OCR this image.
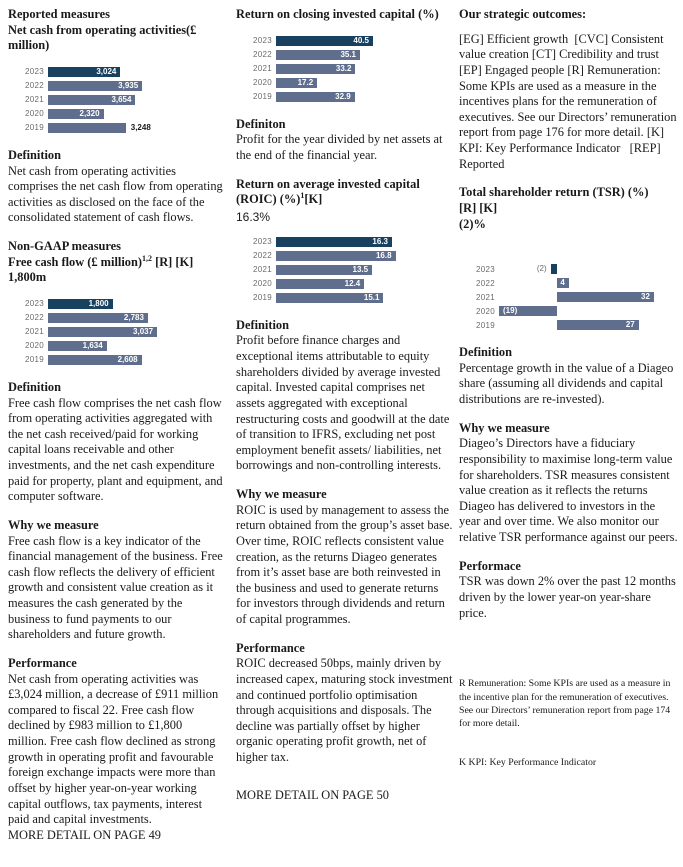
Reported measures
Net cash from operating activities(£ million)
2023	3,024
2022	3,935
2021	3,654
2020	2,320
2019	3,248
Definition

Net cash from operating activities comprises the net cash flow from operating activities as disclosed on the face of the consolidated statement of cash flows.

Non-GAAP measures
Free cash flow (£ million)$^{1,2}$ [R] [K]
1,800m
2023	1,800
2022	2,783
2021	3,037
2020	1,634
2019	2,608
Definition

Free cash flow comprises the net cash flow from operating activities aggregated with the net cash received/paid for working capital loans receivable and other investments, and the net cash expenditure paid for property, plant and equipment, and computer software.

Why we measure

Free cash flow is a key indicator of the financial management of the business. Free cash flow reflects the delivery of efficient growth and consistent value creation as it measures the cash generated by the business to fund payments to our shareholders and future growth.

Performance

Net cash from operating activities was £3,024 million, a decrease of £911 million compared to fiscal 22. Free cash flow declined by £983 million to £1,800 million. Free cash flow declined as strong growth in operating profit and favourable foreign exchange impacts were more than offset by higher year-on-year working capital outflows, tax payments, interest paid and capital investments.

MORE DETAIL ON PAGE 49

Return on closing invested capital (%)
2023	40.5
2022	35.1
2021	33.2
2020	17.2
2019	32.9
Definiton

Profit for the year divided by net assets at the end of the financial year.

Return on average invested capital (ROIC) (%)$^1$[K]

16.3%

2023	16.3
2022	16.8
2021	13.5
2020	12.4
2019	15.1
Definition

Profit before finance charges and exceptional items attributable to equity shareholders divided by average invested capital. Invested capital comprises net assets aggregated with exceptional restructuring costs and goodwill at the date of transition to IFRS, excluding net post employment benefit assets/ liabilities, net borrowings and non-controlling interests.

Why we measure

ROIC is used by management to assess the return obtained from the group’s asset base. Over time, ROIC reflects consistent value creation, as the returns Diageo generates from it’s asset base are both reinvested in the business and used to generate returns for investors through dividends and return of capital programmes.

Performance

ROIC decreased 50bps, mainly driven by increased capex, maturing stock investment and continued portfolio optimisation through acquisitions and disposals. The decline was partially offset by higher organic operating profit growth, net of higher tax.

MORE DETAIL ON PAGE 50

Our strategic outcomes:

[EG] Efficient growth  [CVC] Consistent value creation [CT] Credibility and trust [EP] Engaged people [R] Remuneration: Some KPIs are used as a measure in the incentives plans for the remuneration of executives. See our Directors’ remuneration report from page 176 for more detail. [K] KPI: Key Performance Indicator   [REP] Reported

Total shareholder return (TSR) (%)
[R] [K]
(2)%
2023	(2)
2022	4
2021	32
2020 (19)
2019	27
Definition

Percentage growth in the value of a Diageo share (assuming all dividends and capital distributions are re-invested).

Why we measure

Diageo’s Directors have a fiduciary responsibility to maximise long-term value for shareholders. TSR measures consistent value creation as it reflects the returns Diageo has delivered to investors in the year and over time. We also monitor our relative TSR performance against our peers.

Performace

TSR was down 2% over the past 12 months driven by the lower year-on year-share price.

R Remuneration: Some KPIs are used as a measure in the incentive plan for the remuneration of executives. See our Directors’ remuneration report from page 174 for more detail.

K KPI: Key Performance Indicator
